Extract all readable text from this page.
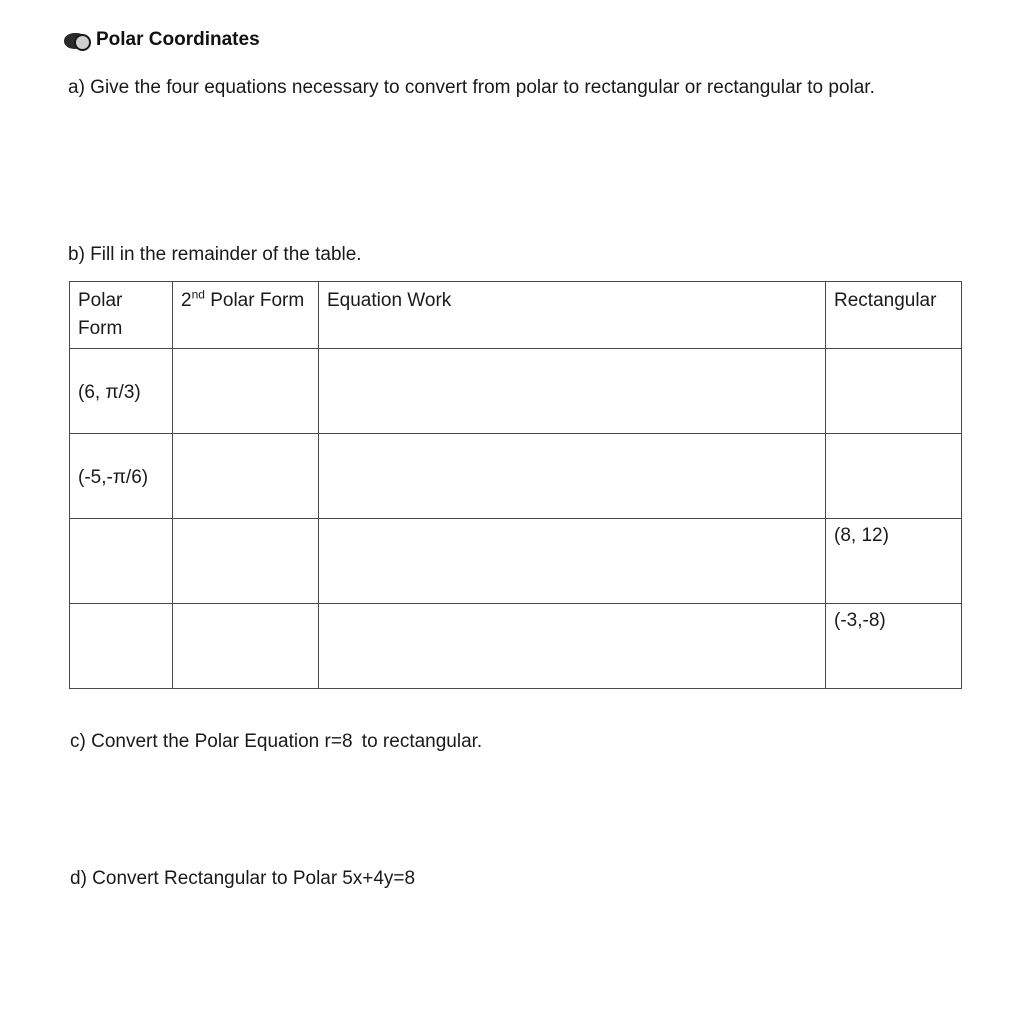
Polar Coordinates
a) Give the four equations necessary to convert from polar to rectangular or rectangular to polar.
b) Fill in the remainder of the table.
Polar Form	2nd Polar Form	Equation Work	Rectangular
(6, π/3)			
(-5,-π/6)			
			(8, 12)
			(-3,-8)
c) Convert the Polar Equation r=8 to rectangular.
d) Convert Rectangular to Polar 5x+4y=8
